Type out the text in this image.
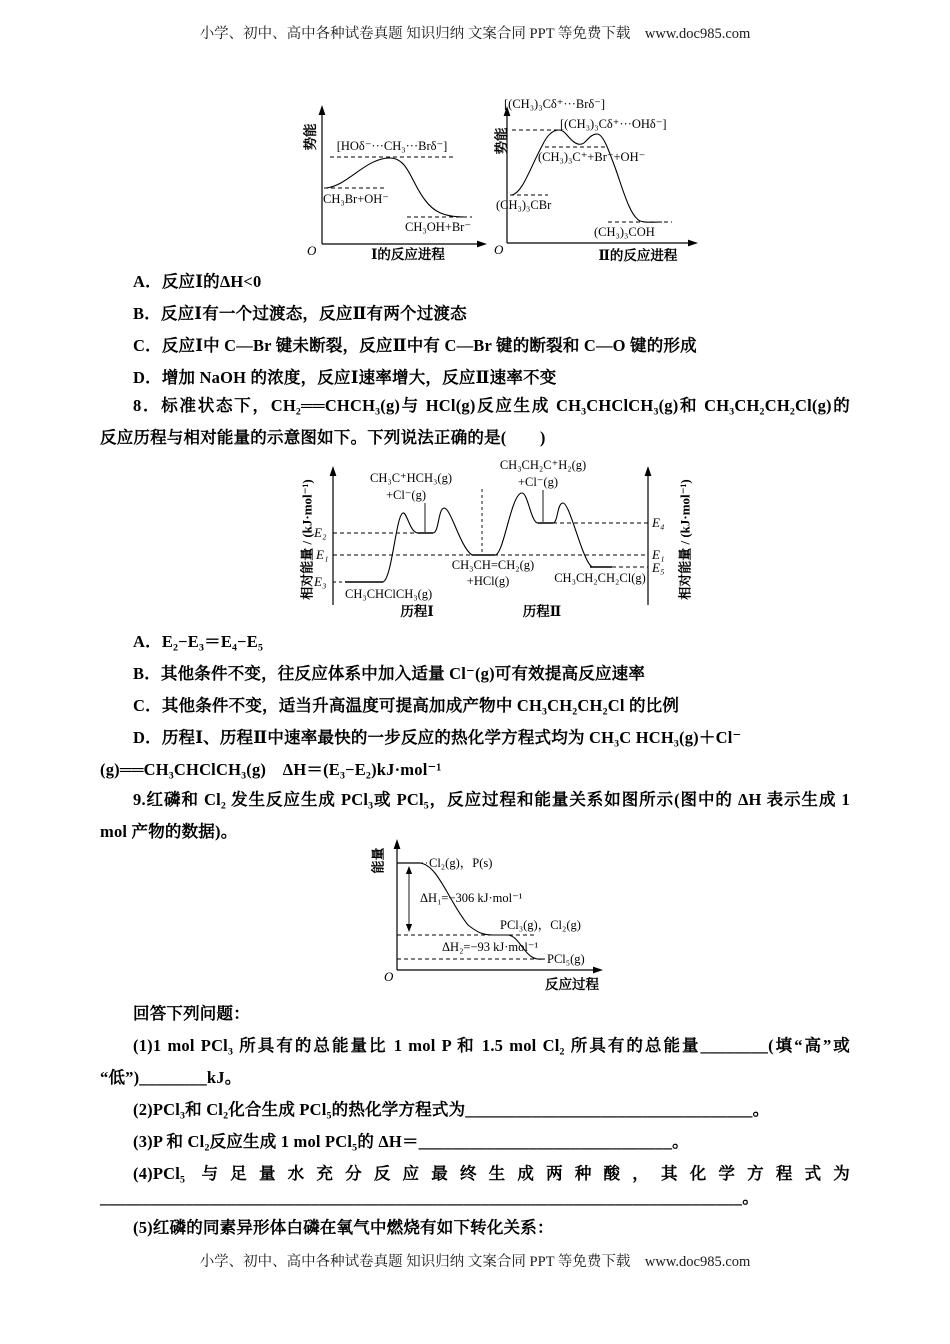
小学、初中、高中各种试卷真题 知识归纳 文案合同 PPT 等免费下载　www.doc985.com
势能
O
[HOδ⁻···CH₃···Brδ⁻]
CH₃Br+OH⁻
CH₃OH+Br⁻
Ⅰ的反应进程
势能
O
[(CH₃)₃Cδ⁺···Brδ⁻]
[(CH₃)₃Cδ⁺···OHδ⁻]
(CH₃)₃C⁺+Br⁻+OH⁻
(CH₃)₃CBr
(CH₃)₃COH
Ⅱ的反应进程
A．反应Ⅰ的ΔH<0
B．反应Ⅰ有一个过渡态，反应Ⅱ有两个过渡态
C．反应Ⅰ中 C—Br 键未断裂，反应Ⅱ中有 C—Br 键的断裂和 C—O 键的形成
D．增加 NaOH 的浓度，反应Ⅰ速率增大，反应Ⅱ速率不变
8．标准状态下，CH₂══CHCH₃(g)与 HCl(g)反应生成 CH₃CHClCH₃(g)和 CH₃CH₂CH₂Cl(g)的
反应历程与相对能量的示意图如下。下列说法正确的是(　　)
相对能量 / (kJ·mol⁻¹)	相对能量 / (kJ·mol⁻¹)
E₂
E₁
E₃
E₄
E₁
E₅
CH₃C⁺HCH₃(g)
+Cl⁻(g)
CH₃CH₂C⁺H₂(g)
+Cl⁻(g)
CH₃CH=CH₂(g)
+HCl(g)
CH₃CHClCH₃(g)
CH₃CH₂CH₂Cl(g)
历程Ⅰ	历程Ⅱ
A．E₂−E₃＝E₄−E₅
B．其他条件不变，往反应体系中加入适量 Cl⁻(g)可有效提高反应速率
C．其他条件不变，适当升高温度可提高加成产物中 CH₃CH₂CH₂Cl 的比例
D．历程Ⅰ、历程Ⅱ中速率最快的一步反应的热化学方程式均为 CH₃C HCH₃(g)＋Cl⁻
(g)══CH₃CHClCH₃(g)　ΔH＝(E₃−E₂)kJ·mol⁻¹
9.红磷和 Cl₂ 发生反应生成 PCl₃或 PCl₅，反应过程和能量关系如图所示(图中的 ΔH 表示生成 1
mol 产物的数据)。
能量
O
Cl₂(g)，P(s)
ΔH₁=−306 kJ·mol⁻¹
PCl₃(g)，Cl₂(g)
ΔH₂=−93 kJ·mol⁻¹
PCl₅(g)
反应过程
回答下列问题：
(1)1 mol PCl₃ 所具有的总能量比 1 mol P 和 1.5 mol Cl₂ 所具有的总能量________(填“高”或
“低”)________kJ。
(2)PCl₃和 Cl₂化合生成 PCl₅的热化学方程式为__________________________________。
(3)P 和 Cl₂反应生成 1 mol PCl₅的 ΔH＝______________________________。
(4)PCl₅ 与足量水充分反应最终生成两种酸，其化学方程式为
____________________________________________________________________________。
(5)红磷的同素异形体白磷在氧气中燃烧有如下转化关系：
小学、初中、高中各种试卷真题 知识归纳 文案合同 PPT 等免费下载　www.doc985.com
